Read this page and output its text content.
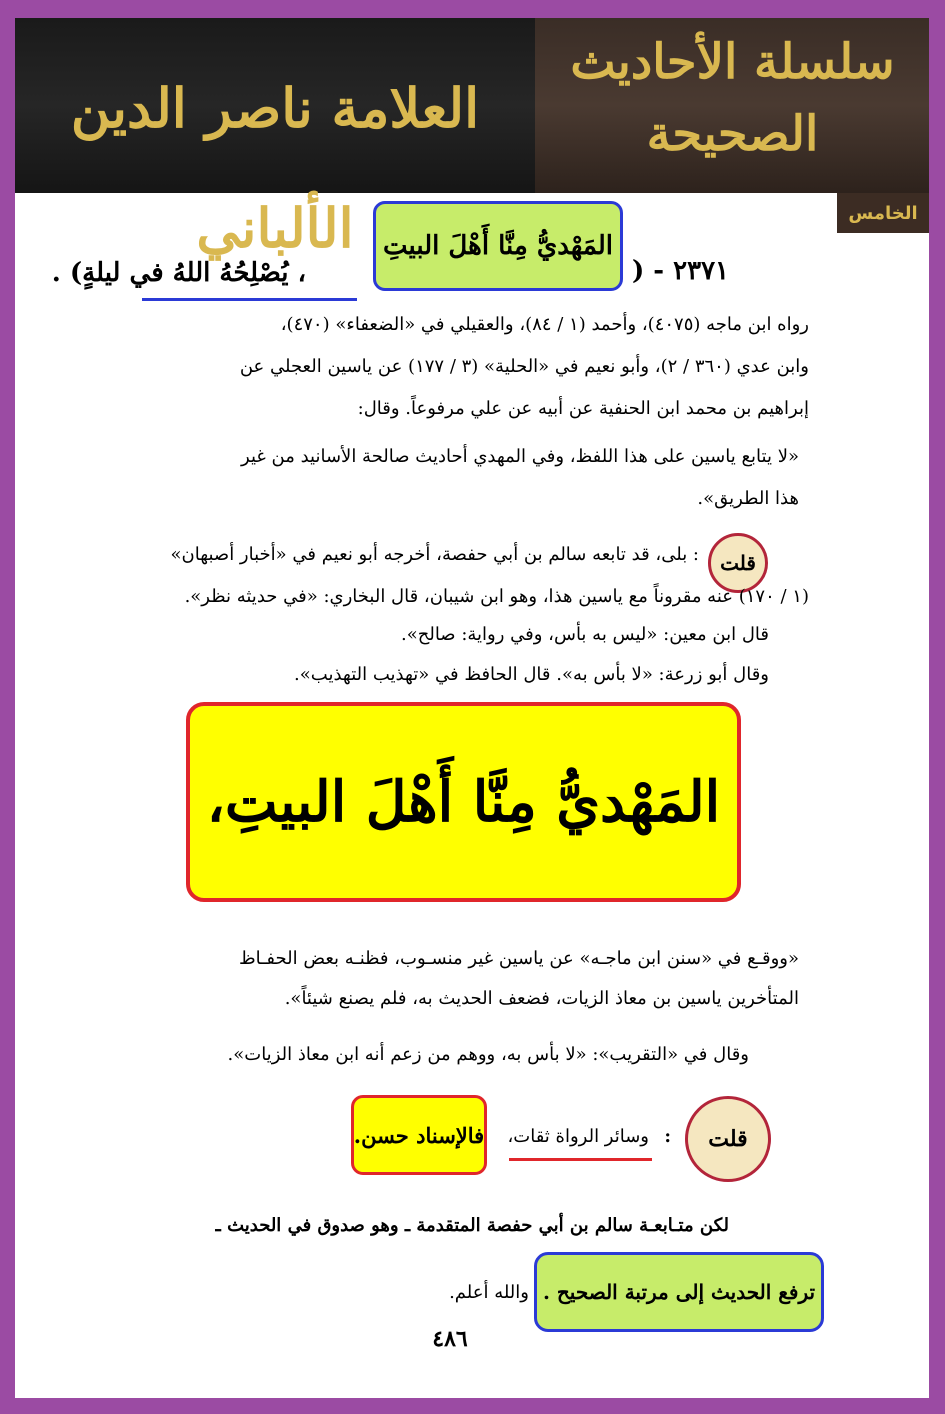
العلامة ناصر الدين الألباني
سلسلة الأحاديث الصحيحة
الخامس
٢٣٧١ - (
المَهْديُّ مِنَّا أَهْلَ البيتِ
، يُصْلِحُهُ اللهُ في ليلةٍ) .
رواه ابن ماجه (٤٠٧٥)، وأحمد (١ / ٨٤)، والعقيلي في «الضعفاء» (٤٧٠)،
وابن عدي (٣٦٠ / ٢)، وأبو نعيم في «الحلية» (٣ / ١٧٧) عن ياسين العجلي عن
إبراهيم بن محمد ابن الحنفية عن أبيه عن علي مرفوعاً. وقال:
«لا يتابع ياسين على هذا اللفظ، وفي المهدي أحاديث صالحة الأسانيد من غير
هذا الطريق».
قلت
: بلى، قد تابعه سالم بن أبي حفصة، أخرجه أبو نعيم في «أخبار أصبهان»
(١ / ١٧٠) عنه مقروناً مع ياسين هذا، وهو ابن شيبان، قال البخاري: «في حديثه نظر».
قال ابن معين: «ليس به بأس، وفي رواية: صالح».
وقال أبو زرعة: «لا بأس به». قال الحافظ في «تهذيب التهذيب».
المَهْديُّ مِنَّا أَهْلَ البيتِ،
«ووقـع في «سنن ابن ماجـه» عن ياسين غير منسـوب، فظنـه بعض الحفـاظ
المتأخرين ياسين بن معاذ الزيات، فضعف الحديث به، فلم يصنع شيئاً».
وقال في «التقريب»: «لا بأس به، ووهم من زعم أنه ابن معاذ الزيات».
قلت
:
وسائر الرواة ثقات،
فالإسناد حسن.
لكن متـابعـة سالم بن أبي حفصة المتقدمة ـ وهو صدوق في الحديث ـ
ترفع الحديث إلى مرتبة الصحيح .
والله أعلم.
٤٨٦
